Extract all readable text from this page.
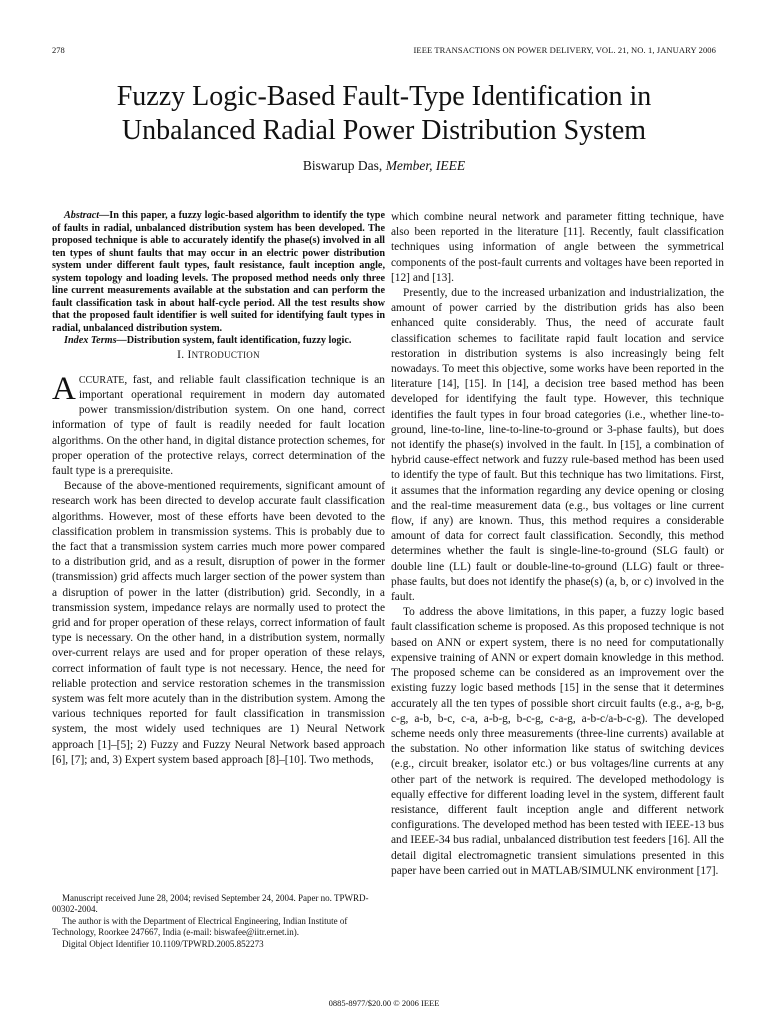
278	IEEE TRANSACTIONS ON POWER DELIVERY, VOL. 21, NO. 1, JANUARY 2006
Fuzzy Logic-Based Fault-Type Identification in
Unbalanced Radial Power Distribution System
Biswarup Das, Member, IEEE

Abstract—In this paper, a fuzzy logic-based algorithm to identify the type of faults in radial, unbalanced distribution system has been developed. The proposed technique is able to accurately identify the phase(s) involved in all ten types of shunt faults that may occur in an electric power distribution system under different fault types, fault resistance, fault inception angle, system topology and loading levels. The proposed method needs only three line current measurements available at the substation and can perform the fault classification task in about half-cycle period. All the test results show that the proposed fault identifier is well suited for identifying fault types in radial, unbalanced distribution system.

Index Terms—Distribution system, fault identification, fuzzy logic.

I. INTRODUCTION

ACCURATE, fast, and reliable fault classification technique is an important operational requirement in modern day automated power transmission/distribution system. On one hand, correct information of type of fault is readily needed for fault location algorithms. On the other hand, in digital distance protection schemes, for proper operation of the protective relays, correct determination of the fault type is a prerequisite.

Because of the above-mentioned requirements, significant amount of research work has been directed to develop accurate fault classification algorithms. However, most of these efforts have been devoted to the classification problem in transmission systems. This is probably due to the fact that a transmission system carries much more power compared to a distribution grid, and as a result, disruption of power in the former (transmission) grid affects much larger section of the power system than a disruption of power in the latter (distribution) grid. Secondly, in a transmission system, impedance relays are normally used to protect the grid and for proper operation of these relays, correct information of fault type is necessary. On the other hand, in a distribution system, normally over-current relays are used and for proper operation of these relays, correct information of fault type is not necessary. Hence, the need for reliable protection and service restoration schemes in the transmission system was felt more acutely than in the distribution system. Among the various techniques reported for fault classification in transmission system, the most widely used techniques are 1) Neural Network approach [1]–[5]; 2) Fuzzy and Fuzzy Neural Network based approach [6], [7]; and, 3) Expert system based approach [8]–[10]. Two methods,

which combine neural network and parameter fitting technique, have also been reported in the literature [11]. Recently, fault classification techniques using information of angle between the symmetrical components of the post-fault currents and voltages have been reported in [12] and [13].

Presently, due to the increased urbanization and industrialization, the amount of power carried by the distribution grids has also been enhanced quite considerably. Thus, the need of accurate fault classification schemes to facilitate rapid fault location and service restoration in distribution systems is also increasingly being felt nowadays. To meet this objective, some works have been reported in the literature [14], [15]. In [14], a decision tree based method has been developed for identifying the fault type. However, this technique identifies the fault types in four broad categories (i.e., whether line-to-ground, line-to-line, line-to-line-to-ground or 3-phase faults), but does not identify the phase(s) involved in the fault. In [15], a combination of hybrid cause-effect network and fuzzy rule-based method has been used to identify the type of fault. But this technique has two limitations. First, it assumes that the information regarding any device opening or closing and the real-time measurement data (e.g., bus voltages or line current flow, if any) are known. Thus, this method requires a considerable amount of data for correct fault classification. Secondly, this method determines whether the fault is single-line-to-ground (SLG fault) or double line (LL) fault or double-line-to-ground (LLG) fault or three-phase faults, but does not identify the phase(s) (a, b, or c) involved in the fault.

To address the above limitations, in this paper, a fuzzy logic based fault classification scheme is proposed. As this proposed technique is not based on ANN or expert system, there is no need for computationally expensive training of ANN or expert domain knowledge in this method. The proposed scheme can be considered as an improvement over the existing fuzzy logic based methods [15] in the sense that it determines accurately all the ten types of possible short circuit faults (e.g., a-g, b-g, c-g, a-b, b-c, c-a, a-b-g, b-c-g, c-a-g, a-b-c/a-b-c-g). The developed scheme needs only three measurements (three-line currents) available at the substation. No other information like status of switching devices (e.g., circuit breaker, isolator etc.) or bus voltages/line currents at any other part of the network is required. The developed methodology is equally effective for different loading level in the system, different fault resistance, different fault inception angle and different network configurations. The developed method has been tested with IEEE-13 bus and IEEE-34 bus radial, unbalanced distribution test feeders [16]. All the detail digital electromagnetic transient simulations presented in this paper have been carried out in MATLAB/SIMULNK environment [17].

Manuscript received June 28, 2004; revised September 24, 2004. Paper no. TPWRD-00302-2004.

The author is with the Department of Electrical Engineering, Indian Institute of Technology, Roorkee 247667, India (e-mail: biswafee@iitr.ernet.in).

Digital Object Identifier 10.1109/TPWRD.2005.852273

0885-8977/$20.00 © 2006 IEEE
